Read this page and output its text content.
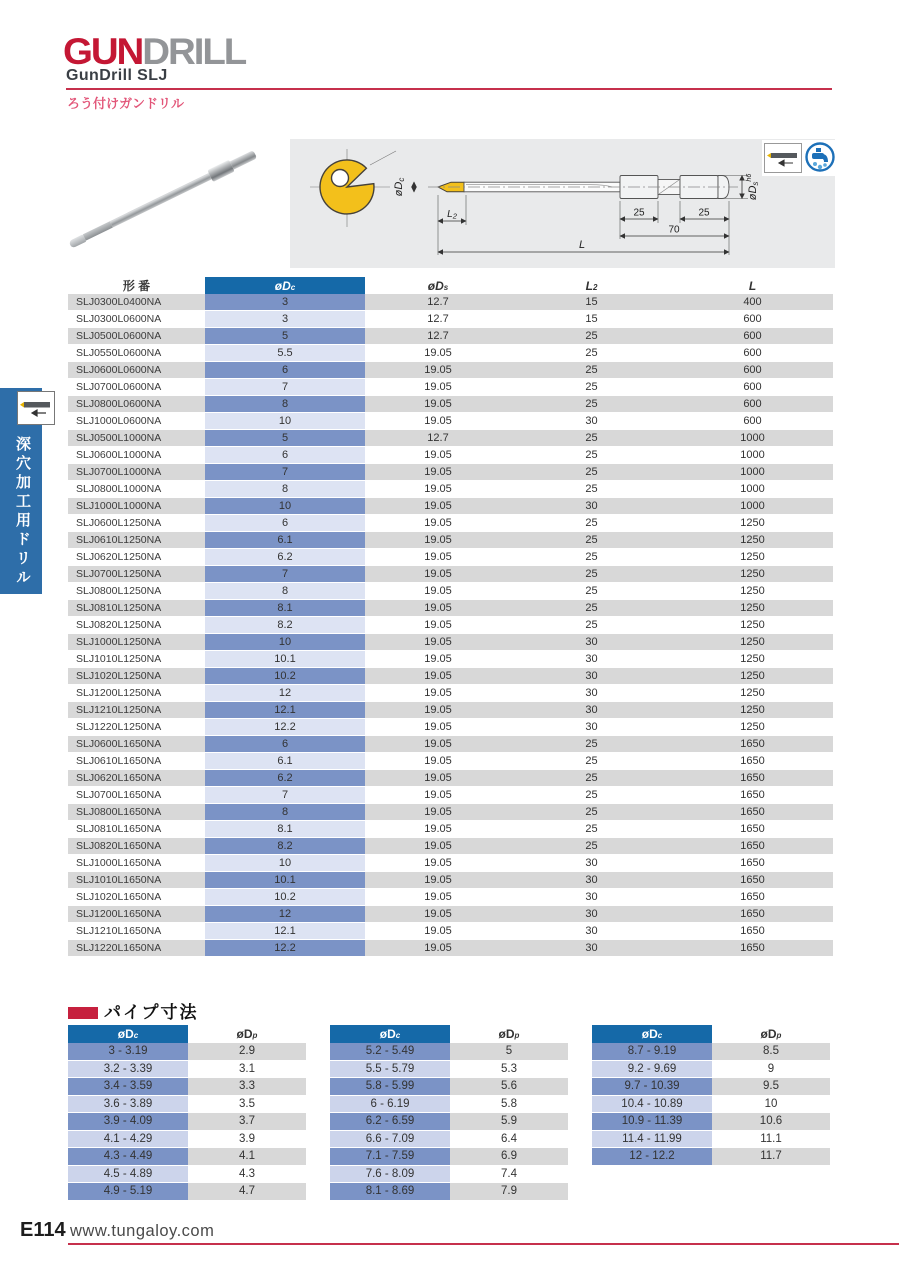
GUNDRILL
GunDrill SLJ
ろう付けガンドリル
深穴加工用ドリル
øDc
øDs$^{h6}$
L2	25	25
70
L
形 番	øDc	øDs	L2	L
SLJ0300L0400NA	3	12.7	15	400
SLJ0300L0600NA	3	12.7	15	600
SLJ0500L0600NA	5	12.7	25	600
SLJ0550L0600NA	5.5	19.05	25	600
SLJ0600L0600NA	6	19.05	25	600
SLJ0700L0600NA	7	19.05	25	600
SLJ0800L0600NA	8	19.05	25	600
SLJ1000L0600NA	10	19.05	30	600
SLJ0500L1000NA	5	12.7	25	1000
SLJ0600L1000NA	6	19.05	25	1000
SLJ0700L1000NA	7	19.05	25	1000
SLJ0800L1000NA	8	19.05	25	1000
SLJ1000L1000NA	10	19.05	30	1000
SLJ0600L1250NA	6	19.05	25	1250
SLJ0610L1250NA	6.1	19.05	25	1250
SLJ0620L1250NA	6.2	19.05	25	1250
SLJ0700L1250NA	7	19.05	25	1250
SLJ0800L1250NA	8	19.05	25	1250
SLJ0810L1250NA	8.1	19.05	25	1250
SLJ0820L1250NA	8.2	19.05	25	1250
SLJ1000L1250NA	10	19.05	30	1250
SLJ1010L1250NA	10.1	19.05	30	1250
SLJ1020L1250NA	10.2	19.05	30	1250
SLJ1200L1250NA	12	19.05	30	1250
SLJ1210L1250NA	12.1	19.05	30	1250
SLJ1220L1250NA	12.2	19.05	30	1250
SLJ0600L1650NA	6	19.05	25	1650
SLJ0610L1650NA	6.1	19.05	25	1650
SLJ0620L1650NA	6.2	19.05	25	1650
SLJ0700L1650NA	7	19.05	25	1650
SLJ0800L1650NA	8	19.05	25	1650
SLJ0810L1650NA	8.1	19.05	25	1650
SLJ0820L1650NA	8.2	19.05	25	1650
SLJ1000L1650NA	10	19.05	30	1650
SLJ1010L1650NA	10.1	19.05	30	1650
SLJ1020L1650NA	10.2	19.05	30	1650
SLJ1200L1650NA	12	19.05	30	1650
SLJ1210L1650NA	12.1	19.05	30	1650
SLJ1220L1650NA	12.2	19.05	30	1650
パイプ寸法
øDc	øDp
3 - 3.19	2.9
3.2 - 3.39	3.1
3.4 - 3.59	3.3
3.6 - 3.89	3.5
3.9 - 4.09	3.7
4.1 - 4.29	3.9
4.3 - 4.49	4.1
4.5 - 4.89	4.3
4.9 - 5.19	4.7
øDc	øDp
5.2 - 5.49	5
5.5 - 5.79	5.3
5.8 - 5.99	5.6
6 - 6.19	5.8
6.2 - 6.59	5.9
6.6 - 7.09	6.4
7.1 - 7.59	6.9
7.6 - 8.09	7.4
8.1 - 8.69	7.9
øDc	øDp
8.7 - 9.19	8.5
9.2 - 9.69	9
9.7 - 10.39	9.5
10.4 - 10.89	10
10.9 - 11.39	10.6
11.4 - 11.99	11.1
12 - 12.2	11.7
E114 www.tungaloy.com
